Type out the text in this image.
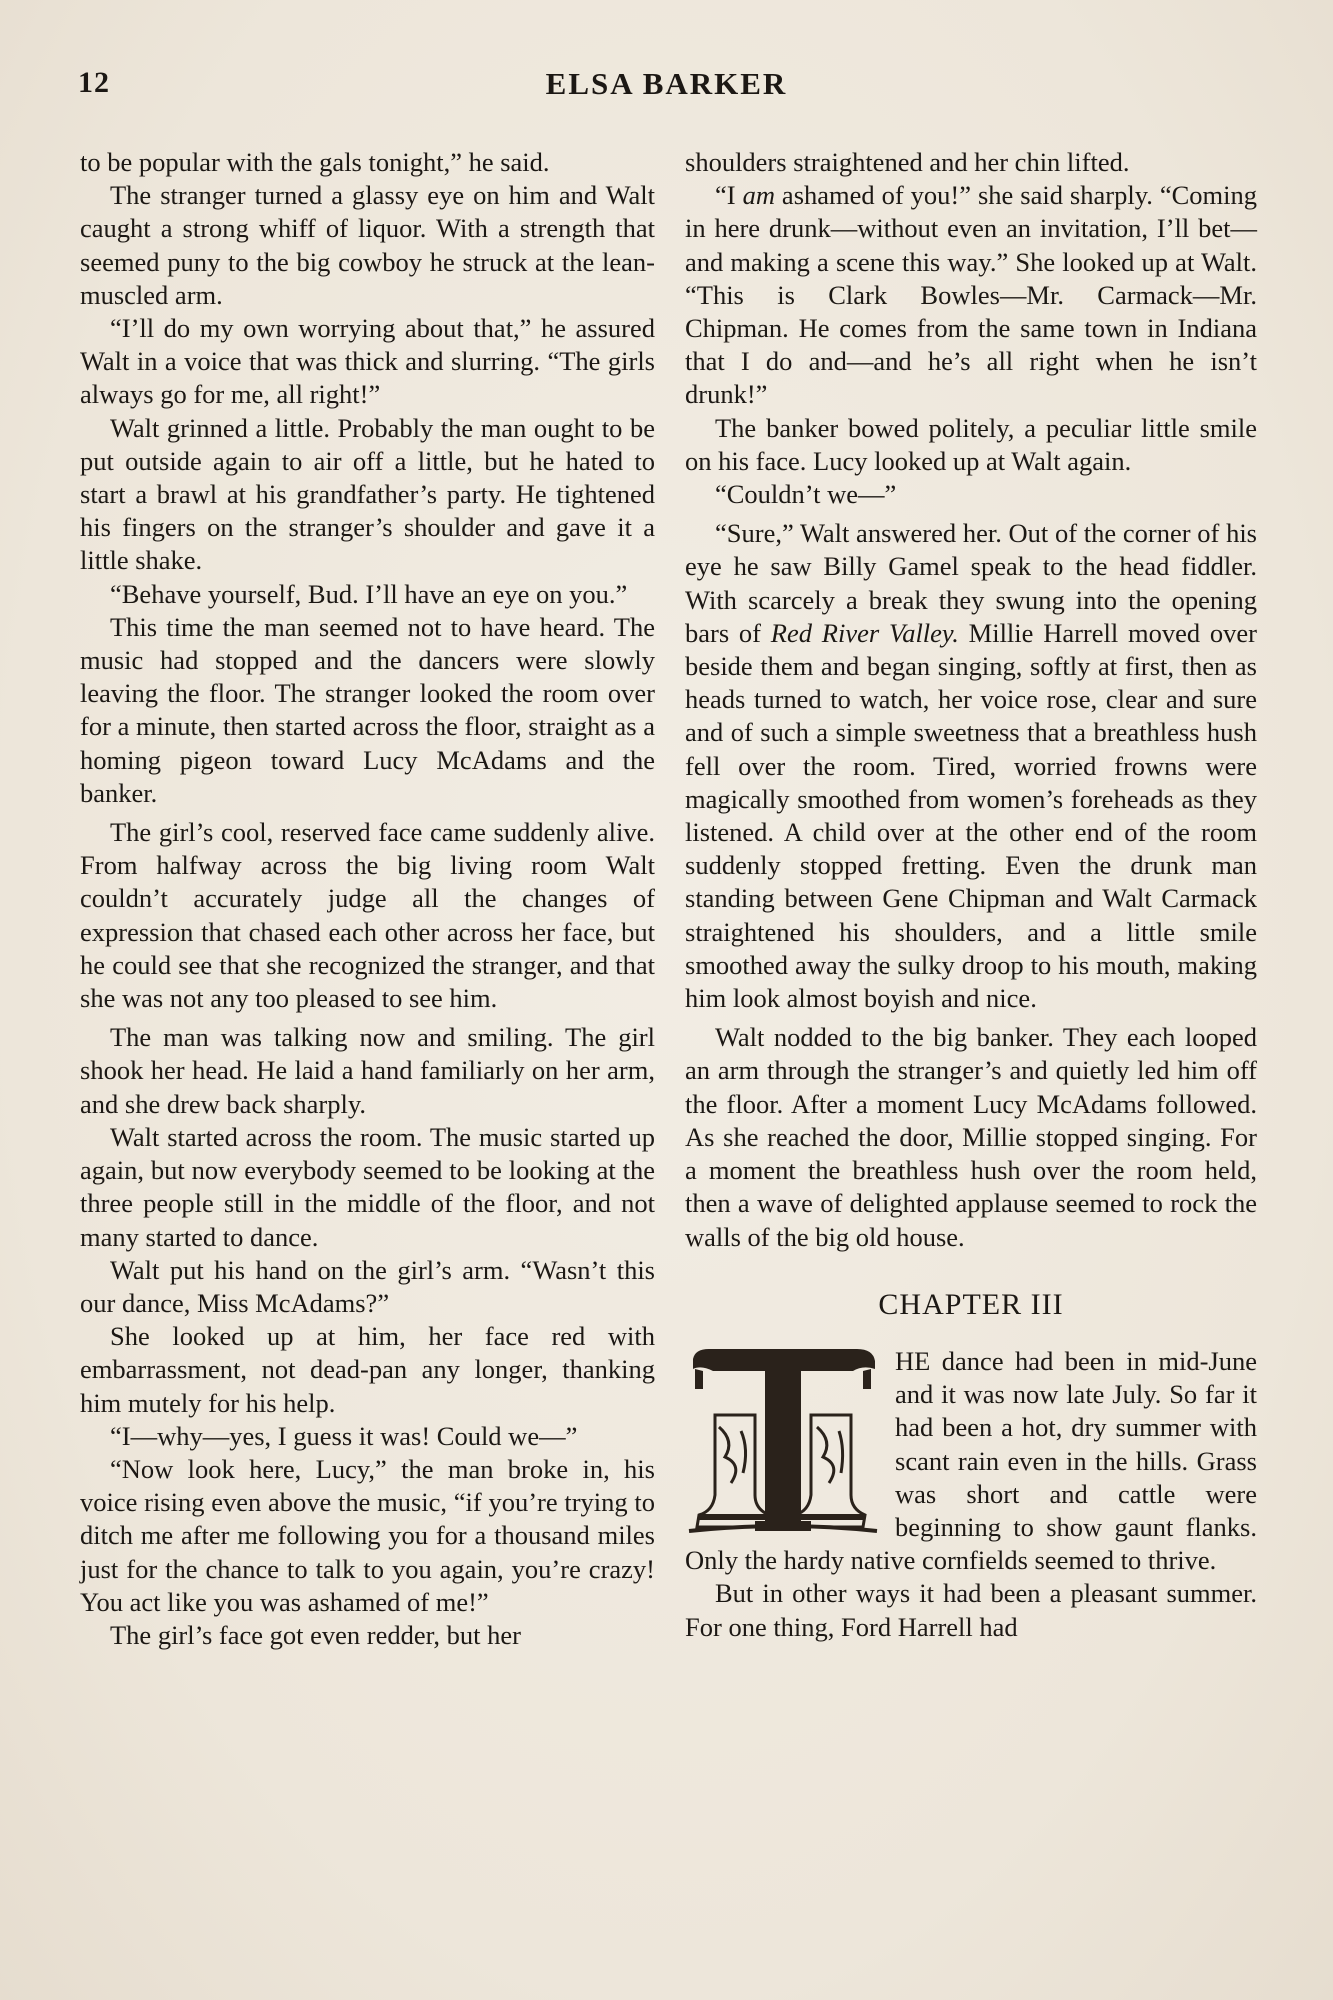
12	ELSA BARKER

to be popular with the gals tonight,” he said.

The stranger turned a glassy eye on him and Walt caught a strong whiff of liquor. With a strength that seemed puny to the big cowboy he struck at the lean-muscled arm.

“I’ll do my own worrying about that,” he assured Walt in a voice that was thick and slurring. “The girls always go for me, all right!”

Walt grinned a little. Probably the man ought to be put outside again to air off a little, but he hated to start a brawl at his grandfather’s party. He tightened his fingers on the stranger’s shoulder and gave it a little shake.

“Behave yourself, Bud. I’ll have an eye on you.”

This time the man seemed not to have heard. The music had stopped and the dancers were slowly leaving the floor. The stranger looked the room over for a minute, then started across the floor, straight as a homing pigeon toward Lucy McAdams and the banker.

The girl’s cool, reserved face came suddenly alive. From halfway across the big living room Walt couldn’t accurately judge all the changes of expression that chased each other across her face, but he could see that she recognized the stranger, and that she was not any too pleased to see him.

The man was talking now and smiling. The girl shook her head. He laid a hand familiarly on her arm, and she drew back sharply.

Walt started across the room. The music started up again, but now everybody seemed to be looking at the three people still in the middle of the floor, and not many started to dance.

Walt put his hand on the girl’s arm. “Wasn’t this our dance, Miss McAdams?”

She looked up at him, her face red with embarrassment, not dead-pan any longer, thanking him mutely for his help.

“I—why—yes, I guess it was! Could we—”

“Now look here, Lucy,” the man broke in, his voice rising even above the music, “if you’re trying to ditch me after me following you for a thousand miles just for the chance to talk to you again, you’re crazy! You act like you was ashamed of me!”

The girl’s face got even redder, but her

shoulders straightened and her chin lifted.

“I am ashamed of you!” she said sharply. “Coming in here drunk—without even an invitation, I’ll bet—and making a scene this way.” She looked up at Walt. “This is Clark Bowles—Mr. Carmack—Mr. Chipman. He comes from the same town in Indiana that I do and—and he’s all right when he isn’t drunk!”

The banker bowed politely, a peculiar little smile on his face. Lucy looked up at Walt again.

“Couldn’t we—”

“Sure,” Walt answered her. Out of the corner of his eye he saw Billy Gamel speak to the head fiddler. With scarcely a break they swung into the opening bars of Red River Valley. Millie Harrell moved over beside them and began singing, softly at first, then as heads turned to watch, her voice rose, clear and sure and of such a simple sweetness that a breathless hush fell over the room. Tired, worried frowns were magically smoothed from women’s foreheads as they listened. A child over at the other end of the room suddenly stopped fretting. Even the drunk man standing between Gene Chipman and Walt Carmack straightened his shoulders, and a little smile smoothed away the sulky droop to his mouth, making him look almost boyish and nice.

Walt nodded to the big banker. They each looped an arm through the stranger’s and quietly led him off the floor. After a moment Lucy McAdams followed. As she reached the door, Millie stopped singing. For a moment the breathless hush over the room held, then a wave of delighted applause seemed to rock the walls of the big old house.

CHAPTER III

HE dance had been in mid-June and it was now late July. So far it had been a hot, dry summer with scant rain even in the hills. Grass was short and cattle were beginning to show gaunt flanks. Only the hardy native cornfields seemed to thrive.

But in other ways it had been a pleasant summer. For one thing, Ford Harrell had
